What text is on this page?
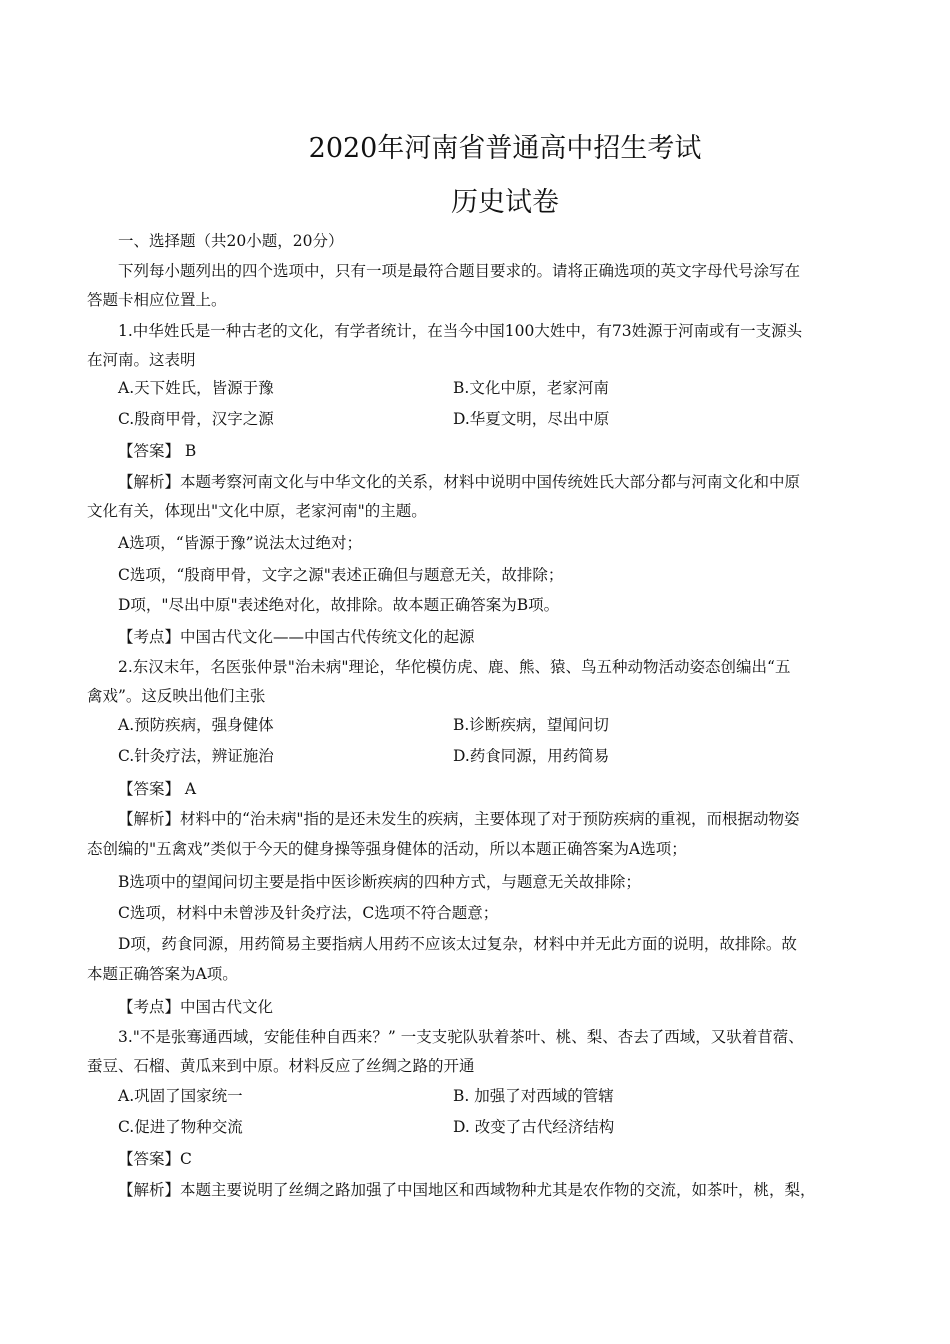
2020年河南省普通高中招生考试
历史试卷
一、选择题（共20小题，20分）
下列每小题列出的四个选项中，只有一项是最符合题目要求的。请将正确选项的英文字母代号涂写在
答题卡相应位置上。
1.中华姓氏是一种古老的文化，有学者统计，在当今中国100大姓中，有73姓源于河南或有一支源头
在河南。这表明
A.天下姓氏，皆源于豫	B.文化中原，老家河南
C.殷商甲骨，汉字之源	D.华夏文明，尽出中原
【答案】 B
【解析】本题考察河南文化与中华文化的关系，材料中说明中国传统姓氏大部分都与河南文化和中原
文化有关，体现出"文化中原，老家河南"的主题。
A选项，“皆源于豫”说法太过绝对；
C选项，“殷商甲骨，文字之源"表述正确但与题意无关，故排除；
D项，"尽出中原"表述绝对化，故排除。故本题正确答案为B项。
【考点】中国古代文化——中国古代传统文化的起源
2.东汉末年，名医张仲景"治未病"理论，华佗模仿虎、鹿、熊、猿、鸟五种动物活动姿态创编出“五
禽戏”。这反映出他们主张
A.预防疾病，强身健体	B.诊断疾病，望闻问切
C.针灸疗法，辨证施治	D.药食同源，用药简易
【答案】 A
【解析】材料中的“治未病"指的是还未发生的疾病，主要体现了对于预防疾病的重视，而根据动物姿
态创编的"五禽戏”类似于今天的健身操等强身健体的活动，所以本题正确答案为A选项；
B选项中的望闻问切主要是指中医诊断疾病的四种方式，与题意无关故排除；
C选项，材料中未曾涉及针灸疗法，C选项不符合题意；
D项，药食同源，用药简易主要指病人用药不应该太过复杂，材料中并无此方面的说明，故排除。故
本题正确答案为A项。
【考点】中国古代文化
3."不是张骞通西域，安能佳种自西来？” 一支支驼队驮着茶叶、桃、梨、杏去了西域，又驮着苜蓿、
蚕豆、石榴、黄瓜来到中原。材料反应了丝绸之路的开通
A.巩固了国家统一	B. 加强了对西域的管辖
C.促进了物种交流	D. 改变了古代经济结构
【答案】C
【解析】本题主要说明了丝绸之路加强了中国地区和西域物种尤其是农作物的交流，如茶叶，桃，梨，
